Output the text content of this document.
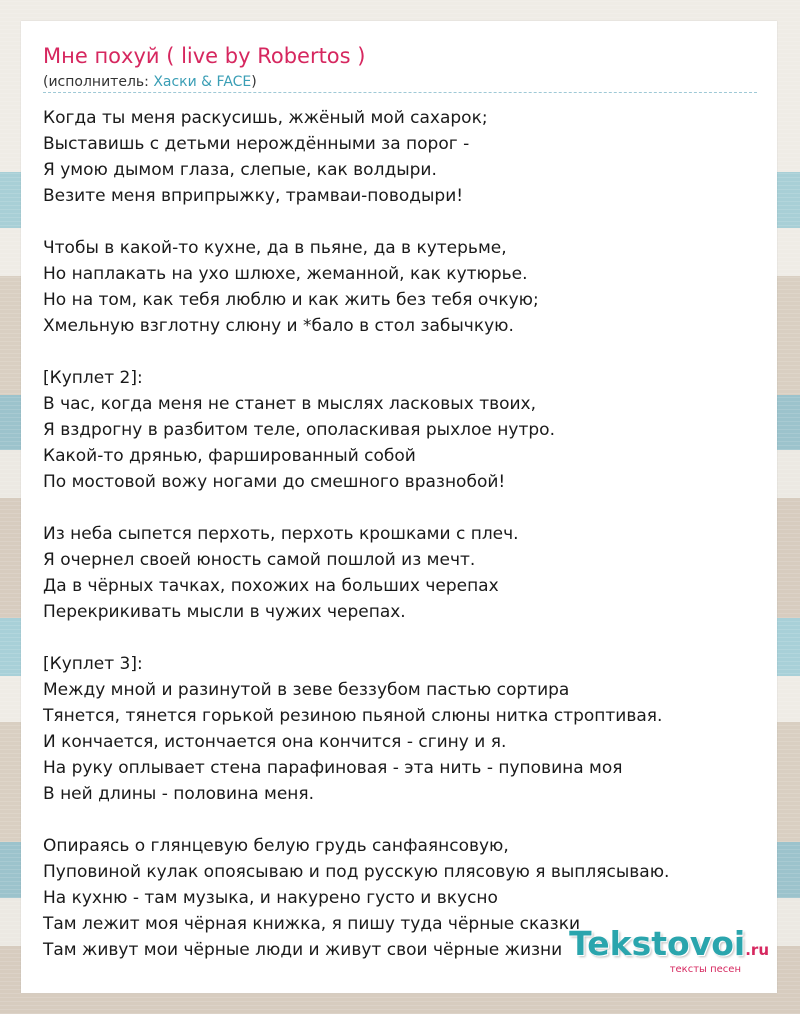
Мне похуй ( live by Robertos )
(исполнитель: Хаски & FACE)
Когда ты меня раскусишь, жжёный мой сахарок;
Выставишь с детьми нерождёнными за порог -
Я умою дымом глаза, слепые, как волдыри.
Везите меня вприпрыжку, трамваи-поводыри!
Чтобы в какой-то кухне, да в пьяне, да в кутерьме,
Но наплакать на ухо шлюхе, жеманной, как кутюрье.
Но на том, как тебя люблю и как жить без тебя очкую;
Хмельную взглотну слюну и *бало в стол забычкую.
[Куплет 2]:
В час, когда меня не станет в мыслях ласковых твоих,
Я вздрогну в разбитом теле, ополаскивая рыхлое нутро.
Какой-то дрянью, фаршированный собой
По мостовой вожу ногами до смешного вразнобой!
Из неба сыпется перхоть, перхоть крошками с плеч.
Я очернел своей юность самой пошлой из мечт.
Да в чёрных тачках, похожих на больших черепах
Перекрикивать мысли в чужих черепах.
[Куплет 3]:
Между мной и разинутой в зеве беззубом пастью сортира
Тянется, тянется горькой резиною пьяной слюны нитка строптивая.
И кончается, истончается она кончится - сгину и я.
На руку оплывает стена парафиновая - эта нить - пуповина моя
В ней длины - половина меня.
Опираясь о глянцевую белую грудь санфаянсовую,
Пуповиной кулак опоясываю и под русскую плясовую я выплясываю.
На кухню - там музыка, и накурено густо и вкусно
Там лежит моя чёрная книжка, я пишу туда чёрные сказки
Там живут мои чёрные люди и живут свои чёрные жизни Tekstovoi.ru
тексты песен
